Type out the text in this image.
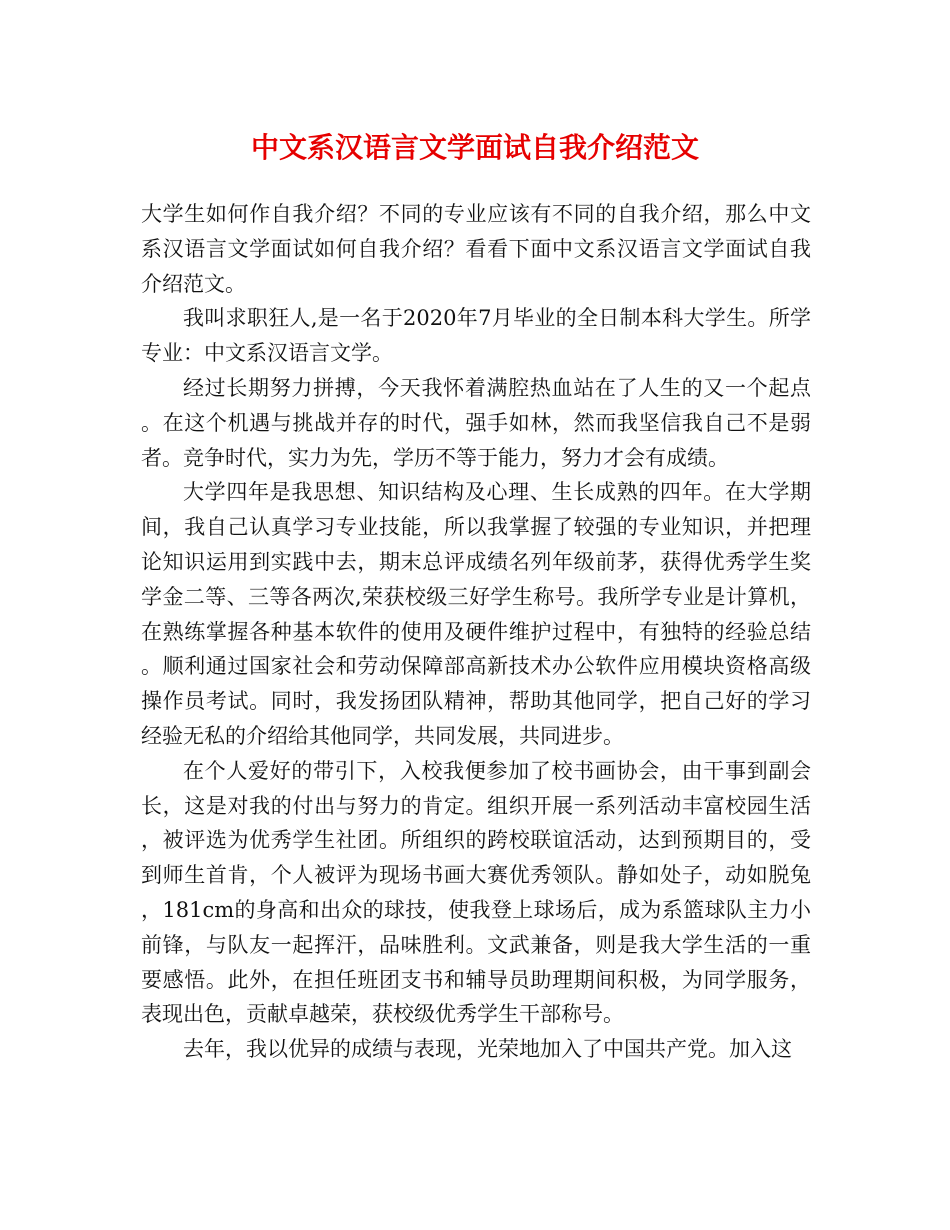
中文系汉语言文学面试自我介绍范文

大学生如何作自我介绍？不同的专业应该有不同的自我介绍，那么中文系汉语言文学面试如何自我介绍？看看下面中文系汉语言文学面试自我介绍范文。

我叫求职狂人,是一名于2020年7月毕业的全日制本科大学生。所学专业：中文系汉语言文学。

经过长期努力拼搏，今天我怀着满腔热血站在了人生的又一个起点。在这个机遇与挑战并存的时代，强手如林，然而我坚信我自己不是弱者。竞争时代，实力为先，学历不等于能力，努力才会有成绩。

大学四年是我思想、知识结构及心理、生长成熟的四年。在大学期间，我自己认真学习专业技能，所以我掌握了较强的专业知识，并把理论知识运用到实践中去，期末总评成绩名列年级前茅，获得优秀学生奖学金二等、三等各两次,荣获校级三好学生称号。我所学专业是计算机，在熟练掌握各种基本软件的使用及硬件维护过程中，有独特的经验总结。顺利通过国家社会和劳动保障部高新技术办公软件应用模块资格高级操作员考试。同时，我发扬团队精神，帮助其他同学，把自己好的学习经验无私的介绍给其他同学，共同发展，共同进步。

在个人爱好的带引下，入校我便参加了校书画协会，由干事到副会长，这是对我的付出与努力的肯定。组织开展一系列活动丰富校园生活，被评选为优秀学生社团。所组织的跨校联谊活动，达到预期目的，受到师生首肯，个人被评为现场书画大赛优秀领队。静如处子，动如脱兔，181cm的身高和出众的球技，使我登上球场后，成为系篮球队主力小前锋，与队友一起挥汗，品味胜利。文武兼备，则是我大学生活的一重要感悟。此外，在担任班团支书和辅导员助理期间积极，为同学服务，表现出色，贡献卓越荣，获校级优秀学生干部称号。

去年，我以优异的成绩与表现，光荣地加入了中国共产党。加入这
